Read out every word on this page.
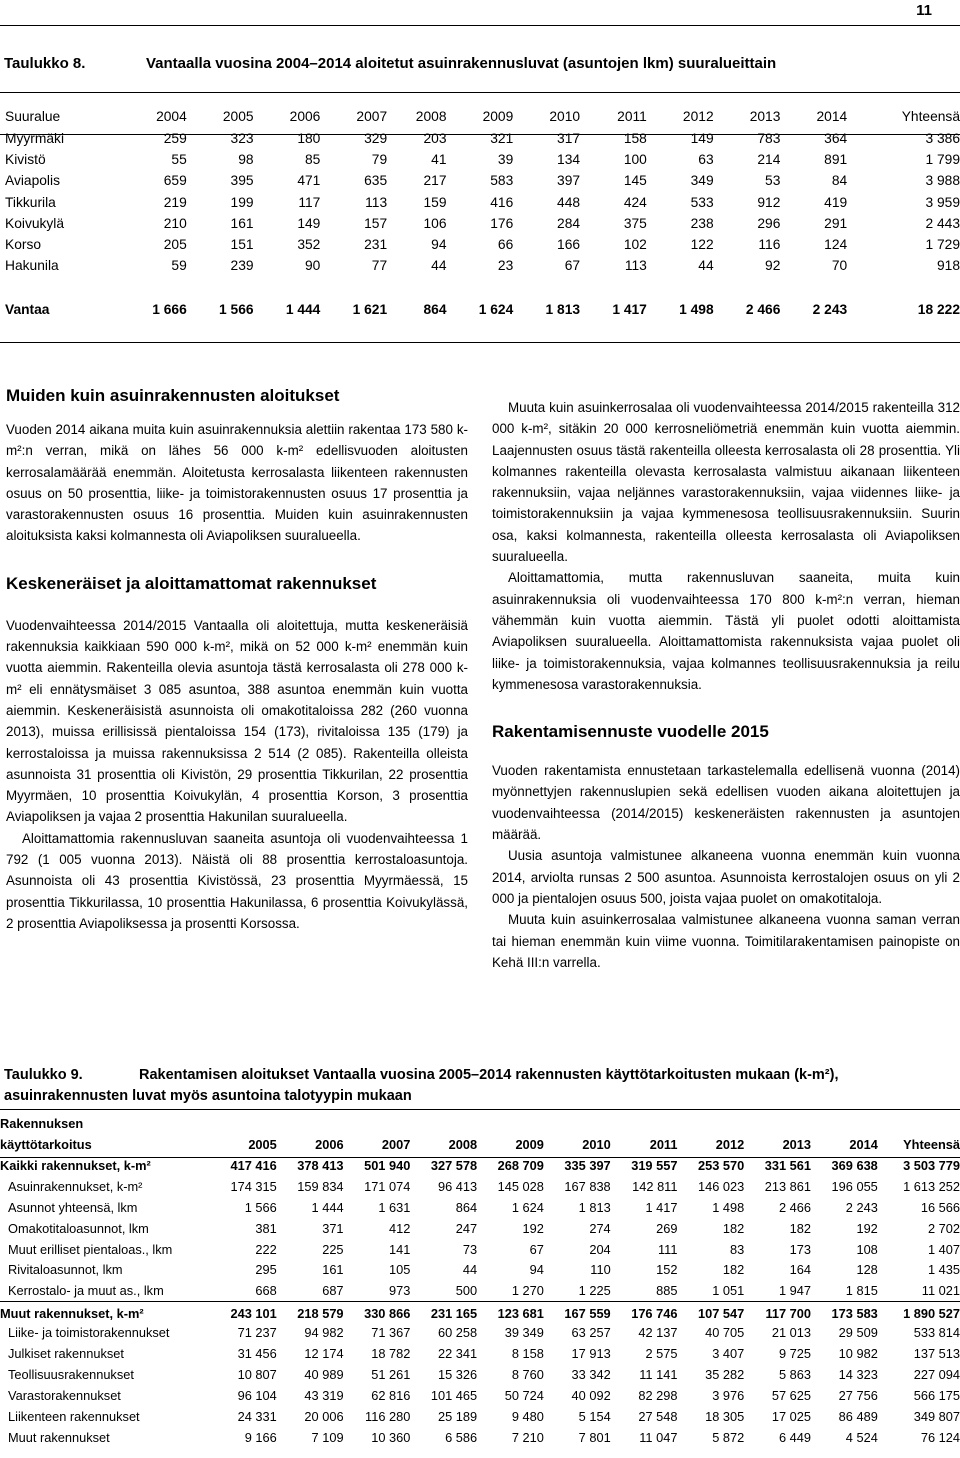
11
Taulukko 8.	Vantaalla vuosina 2004–2014 aloitetut asuinrakennusluvat (asuntojen lkm) suuralueittain
Suuralue	2004	2005	2006	2007	2008	2009	2010	2011	2012	2013	2014	Yhteensä
Myyrmäki	259	323	180	329	203	321	317	158	149	783	364	3 386
Kivistö	55	98	85	79	41	39	134	100	63	214	891	1 799
Aviapolis	659	395	471	635	217	583	397	145	349	53	84	3 988
Tikkurila	219	199	117	113	159	416	448	424	533	912	419	3 959
Koivukylä	210	161	149	157	106	176	284	375	238	296	291	2 443
Korso	205	151	352	231	94	66	166	102	122	116	124	1 729
Hakunila	59	239	90	77	44	23	67	113	44	92	70	918

Vantaa	1 666	1 566	1 444	1 621	864	1 624	1 813	1 417	1 498	2 466	2 243	18 222
Muiden kuin asuinrakennusten aloitukset

Vuoden 2014 aikana muita kuin asuinrakennuksia alettiin rakentaa 173 580 k-m²:n verran, mikä on lähes 56 000 k-m² edellisvuoden aloitusten kerrosalamäärää enemmän. Aloitetusta kerrosalasta liikenteen rakennusten osuus on 50 prosenttia, liike- ja toimistorakennusten osuus 17 prosenttia ja varastorakennusten osuus 16 prosenttia. Muiden kuin asuinrakennusten aloituksista kaksi kolmannesta oli Aviapoliksen suuralueella.

Keskeneräiset ja aloittamattomat rakennukset

Vuodenvaihteessa 2014/2015 Vantaalla oli aloitettuja, mutta keskeneräisiä rakennuksia kaikkiaan 590 000 k-m², mikä on 52 000 k-m² enemmän kuin vuotta aiemmin. Rakenteilla olevia asuntoja tästä kerrosalasta oli 278 000 k-m² eli ennätysmäiset 3 085 asuntoa, 388 asuntoa enemmän kuin vuotta aiemmin. Keskeneräisistä asunnoista oli omakotitaloissa 282 (260 vuonna 2013), muissa erillisissä pientaloissa 154 (173), rivitaloissa 135 (179) ja kerrostaloissa ja muissa rakennuksissa 2 514 (2 085). Rakenteilla olleista asunnoista 31 prosenttia oli Kivistön, 29 prosenttia Tikkurilan, 22 prosenttia Myyrmäen, 10 prosenttia Koivukylän, 4 prosenttia Korson, 3 prosenttia Aviapoliksen ja vajaa 2 prosenttia Hakunilan suuralueella.

Aloittamattomia rakennusluvan saaneita asuntoja oli vuodenvaihteessa 1 792 (1 005 vuonna 2013). Näistä oli 88 prosenttia kerrostaloasuntoja. Asunnoista oli 43 prosenttia Kivistössä, 23 prosenttia Myyrmäessä, 15 prosenttia Tikkurilassa, 10 prosenttia Hakunilassa, 6 prosenttia Koivukylässä, 2 prosenttia Aviapoliksessa ja prosentti Korsossa.

Muuta kuin asuinkerrosalaa oli vuodenvaihteessa 2014/2015 rakenteilla 312 000 k-m², sitäkin 20 000 kerrosneliömetriä enemmän kuin vuotta aiemmin. Laajennusten osuus tästä rakenteilla olleesta kerrosalasta oli 28 prosenttia. Yli kolmannes rakenteilla olevasta kerrosalasta valmistuu aikanaan liikenteen rakennuksiin, vajaa neljännes varastorakennuksiin, vajaa viidennes liike- ja toimistorakennuksiin ja vajaa kymmenesosa teollisuusrakennuksiin. Suurin osa, kaksi kolmannesta, rakenteilla olleesta kerrosalasta oli Aviapoliksen suuralueella.

Aloittamattomia, mutta rakennusluvan saaneita, muita kuin asuinrakennuksia oli vuodenvaihteessa 170 800 k-m²:n verran, hieman vähemmän kuin vuotta aiemmin. Tästä yli puolet odotti aloittamista Aviapoliksen suuralueella. Aloittamattomista rakennuksista vajaa puolet oli liike- ja toimistorakennuksia, vajaa kolmannes teollisuusrakennuksia ja reilu kymmenesosa varastorakennuksia.

Rakentamisennuste vuodelle 2015

Vuoden rakentamista ennustetaan tarkastelemalla edellisenä vuonna (2014) myönnettyjen rakennuslupien sekä edellisen vuoden aikana aloitettujen ja vuodenvaihteessa (2014/2015) keskeneräisten rakennusten ja asuntojen määrää.

Uusia asuntoja valmistunee alkaneena vuonna enemmän kuin vuonna 2014, arviolta runsas 2 500 asuntoa. Asunnoista kerrostalojen osuus on yli 2 000 ja pientalojen osuus 500, joista vajaa puolet on omakotitaloja.

Muuta kuin asuinkerrosalaa valmistunee alkaneena vuonna saman verran tai hieman enemmän kuin viime vuonna. Toimitilarakentamisen painopiste on Kehä III:n varrella.

Taulukko 9.	Rakentamisen aloitukset Vantaalla vuosina 2005–2014 rakennusten käyttötarkoitusten mukaan (k-m²), asuinrakennusten luvat myös asuntoina talotyypin mukaan
Rakennuksen											
käyttötarkoitus	2005	2006	2007	2008	2009	2010	2011	2012	2013	2014	Yhteensä
Kaikki rakennukset, k-m²	417 416	378 413	501 940	327 578	268 709	335 397	319 557	253 570	331 561	369 638	3 503 779
Asuinrakennukset, k-m²	174 315	159 834	171 074	96 413	145 028	167 838	142 811	146 023	213 861	196 055	1 613 252
Asunnot yhteensä, lkm	1 566	1 444	1 631	864	1 624	1 813	1 417	1 498	2 466	2 243	16 566
Omakotitaloasunnot, lkm	381	371	412	247	192	274	269	182	182	192	2 702
Muut erilliset pientaloas., lkm	222	225	141	73	67	204	111	83	173	108	1 407
Rivitaloasunnot, lkm	295	161	105	44	94	110	152	182	164	128	1 435
Kerrostalo- ja muut as., lkm	668	687	973	500	1 270	1 225	885	1 051	1 947	1 815	11 021
Muut rakennukset, k-m²	243 101	218 579	330 866	231 165	123 681	167 559	176 746	107 547	117 700	173 583	1 890 527
Liike- ja toimistorakennukset	71 237	94 982	71 367	60 258	39 349	63 257	42 137	40 705	21 013	29 509	533 814
Julkiset rakennukset	31 456	12 174	18 782	22 341	8 158	17 913	2 575	3 407	9 725	10 982	137 513
Teollisuusrakennukset	10 807	40 989	51 261	15 326	8 760	33 342	11 141	35 282	5 863	14 323	227 094
Varastorakennukset	96 104	43 319	62 816	101 465	50 724	40 092	82 298	3 976	57 625	27 756	566 175
Liikenteen rakennukset	24 331	20 006	116 280	25 189	9 480	5 154	27 548	18 305	17 025	86 489	349 807
Muut rakennukset	9 166	7 109	10 360	6 586	7 210	7 801	11 047	5 872	6 449	4 524	76 124
